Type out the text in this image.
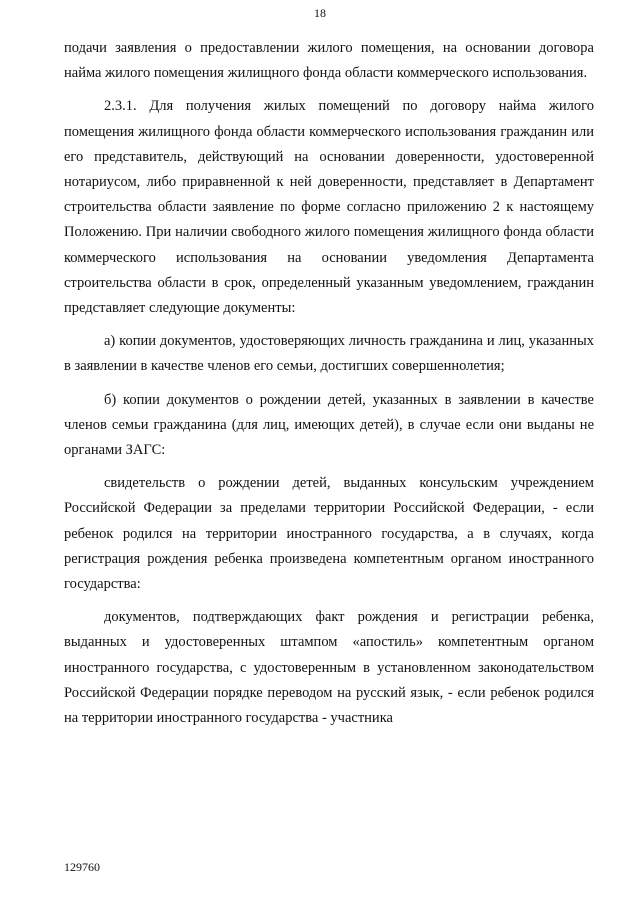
18

подачи заявления о предоставлении жилого помещения, на основании договора найма жилого помещения жилищного фонда области коммерческого использования.

2.3.1. Для получения жилых помещений по договору найма жилого помещения жилищного фонда области коммерческого использования гражданин или его представитель, действующий на основании доверенности, удостоверенной нотариусом, либо приравненной к ней доверенности, представляет в Департамент строительства области заявление по форме согласно приложению 2 к настоящему Положению. При наличии свободного жилого помещения жилищного фонда области коммерческого использования на основании уведомления Департамента строительства области в срок, определенный указанным уведомлением, гражданин представляет следующие документы:

а) копии документов, удостоверяющих личность гражданина и лиц, указанных в заявлении в качестве членов его семьи, достигших совершеннолетия;

б) копии документов о рождении детей, указанных в заявлении в качестве членов семьи гражданина (для лиц, имеющих детей), в случае если они выданы не органами ЗАГС:

свидетельств о рождении детей, выданных консульским учреждением Российской Федерации за пределами территории Российской Федерации, - если ребенок родился на территории иностранного государства, а в случаях, когда регистрация рождения ребенка произведена компетентным органом иностранного государства:

документов, подтверждающих факт рождения и регистрации ребенка, выданных и удостоверенных штампом «апостиль» компетентным органом иностранного государства, с удостоверенным в установленном законодательством Российской Федерации порядке переводом на русский язык, - если ребенок родился на территории иностранного государства - участника

129760
